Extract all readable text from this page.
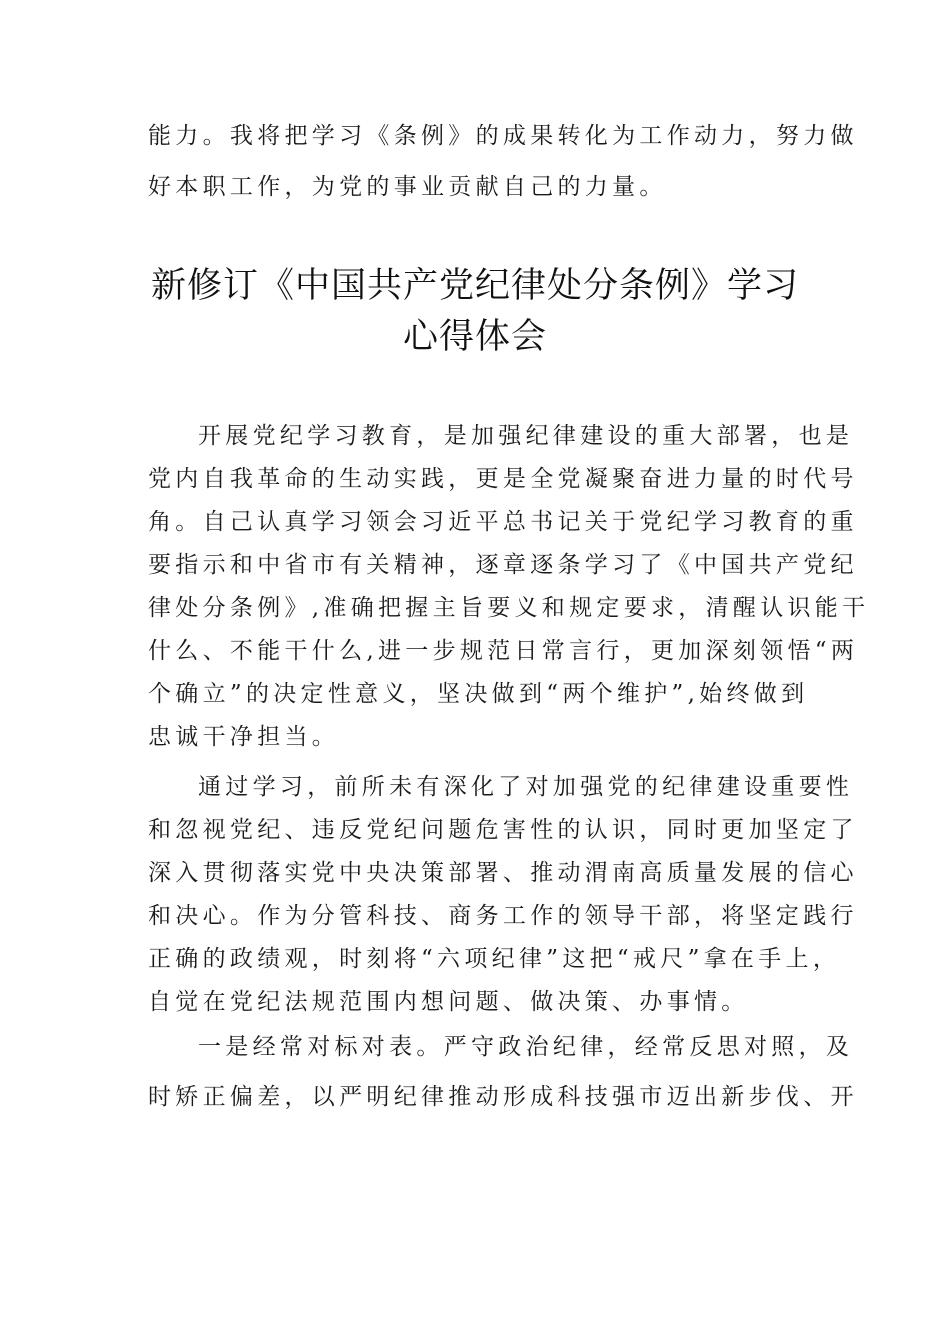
能力。我将把学习《条例》的成果转化为工作动力，努力做
好本职工作，为党的事业贡献自己的力量。
新修订《中国共产党纪律处分条例》学习
心得体会
开展党纪学习教育，是加强纪律建设的重大部署，也是
党内自我革命的生动实践，更是全党凝聚奋进力量的时代号
角。自己认真学习领会习近平总书记关于党纪学习教育的重
要指示和中省市有关精神，逐章逐条学习了《中国共产党纪
律处分条例》,准确把握主旨要义和规定要求，清醒认识能干
什么、不能干什么,进一步规范日常言行，更加深刻领悟“两
个确立”的决定性意义，坚决做到“两个维护”,始终做到
忠诚干净担当。
通过学习，前所未有深化了对加强党的纪律建设重要性
和忽视党纪、违反党纪问题危害性的认识，同时更加坚定了
深入贯彻落实党中央决策部署、推动渭南高质量发展的信心
和决心。作为分管科技、商务工作的领导干部，将坚定践行
正确的政绩观，时刻将“六项纪律”这把“戒尺”拿在手上，
自觉在党纪法规范围内想问题、做决策、办事情。
一是经常对标对表。严守政治纪律，经常反思对照，及
时矫正偏差，以严明纪律推动形成科技强市迈出新步伐、开
